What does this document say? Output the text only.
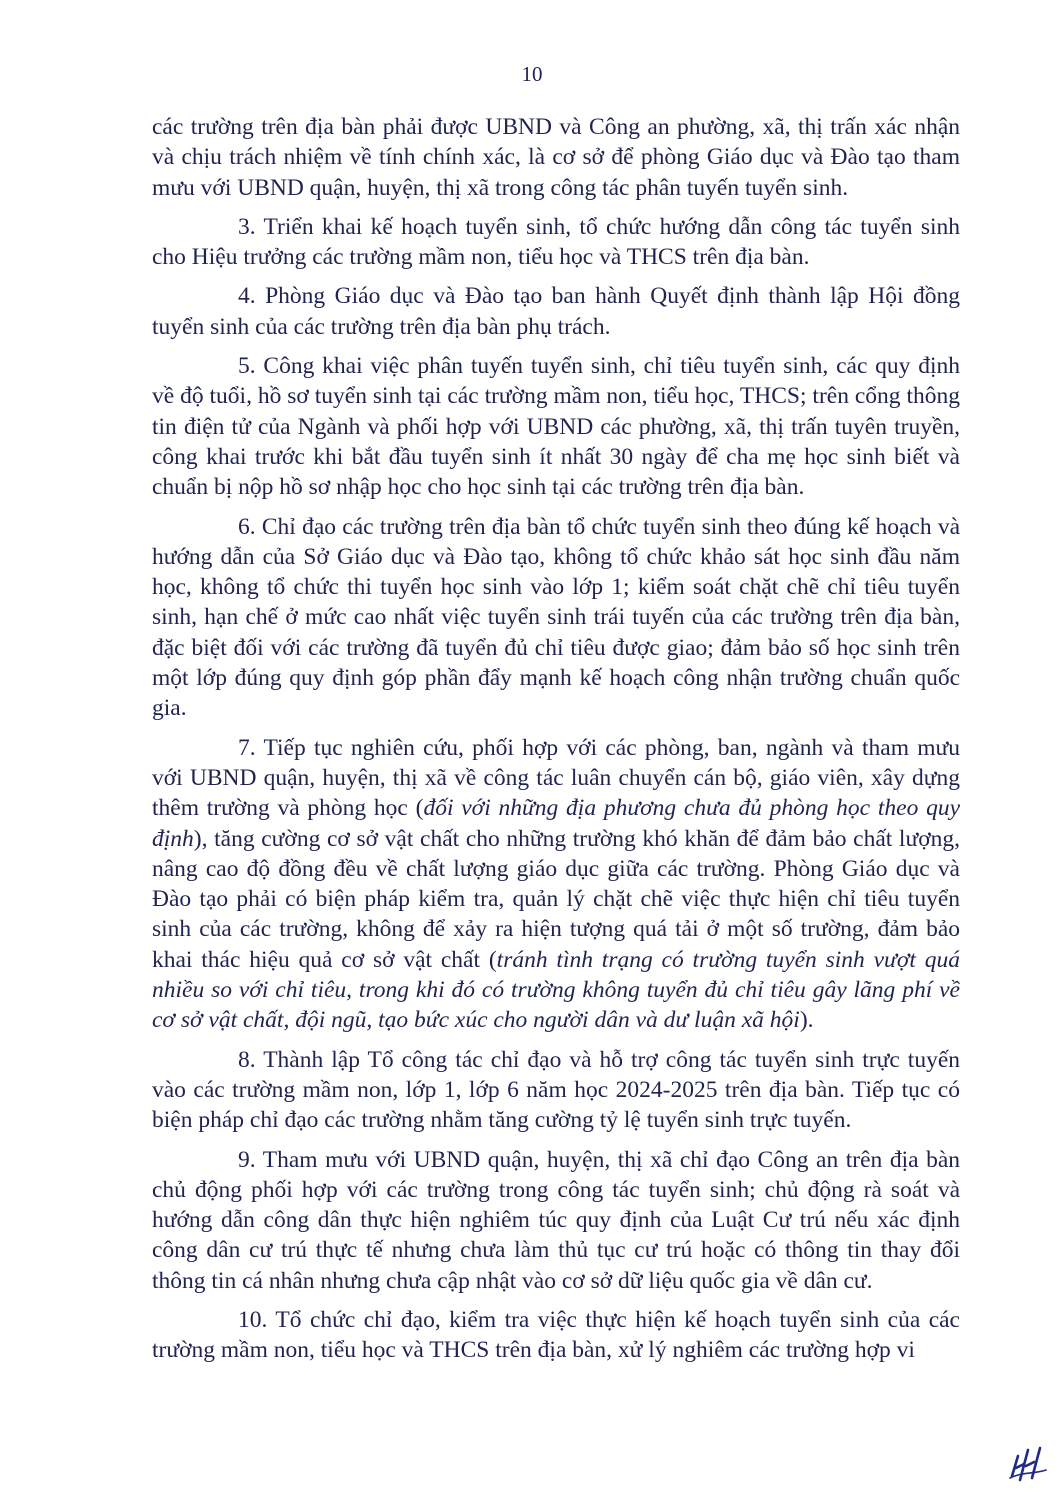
10

các trường trên địa bàn phải được UBND và Công an phường, xã, thị trấn xác nhận và chịu trách nhiệm về tính chính xác, là cơ sở để phòng Giáo dục và Đào tạo tham mưu với UBND quận, huyện, thị xã trong công tác phân tuyến tuyển sinh.

3. Triển khai kế hoạch tuyển sinh, tổ chức hướng dẫn công tác tuyển sinh cho Hiệu trưởng các trường mầm non, tiểu học và THCS trên địa bàn.

4. Phòng Giáo dục và Đào tạo ban hành Quyết định thành lập Hội đồng tuyển sinh của các trường trên địa bàn phụ trách.

5. Công khai việc phân tuyến tuyển sinh, chỉ tiêu tuyển sinh, các quy định về độ tuổi, hồ sơ tuyển sinh tại các trường mầm non, tiểu học, THCS; trên cổng thông tin điện tử của Ngành và phối hợp với UBND các phường, xã, thị trấn tuyên truyền, công khai trước khi bắt đầu tuyển sinh ít nhất 30 ngày để cha mẹ học sinh biết và chuẩn bị nộp hồ sơ nhập học cho học sinh tại các trường trên địa bàn.

6. Chỉ đạo các trường trên địa bàn tổ chức tuyển sinh theo đúng kế hoạch và hướng dẫn của Sở Giáo dục và Đào tạo, không tổ chức khảo sát học sinh đầu năm học, không tổ chức thi tuyển học sinh vào lớp 1; kiểm soát chặt chẽ chỉ tiêu tuyển sinh, hạn chế ở mức cao nhất việc tuyển sinh trái tuyến của các trường trên địa bàn, đặc biệt đối với các trường đã tuyển đủ chỉ tiêu được giao; đảm bảo số học sinh trên một lớp đúng quy định góp phần đẩy mạnh kế hoạch công nhận trường chuẩn quốc gia.

7. Tiếp tục nghiên cứu, phối hợp với các phòng, ban, ngành và tham mưu với UBND quận, huyện, thị xã về công tác luân chuyển cán bộ, giáo viên, xây dựng thêm trường và phòng học (đối với những địa phương chưa đủ phòng học theo quy định), tăng cường cơ sở vật chất cho những trường khó khăn để đảm bảo chất lượng, nâng cao độ đồng đều về chất lượng giáo dục giữa các trường. Phòng Giáo dục và Đào tạo phải có biện pháp kiểm tra, quản lý chặt chẽ việc thực hiện chỉ tiêu tuyển sinh của các trường, không để xảy ra hiện tượng quá tải ở một số trường, đảm bảo khai thác hiệu quả cơ sở vật chất (tránh tình trạng có trường tuyển sinh vượt quá nhiều so với chỉ tiêu, trong khi đó có trường không tuyển đủ chỉ tiêu gây lãng phí về cơ sở vật chất, đội ngũ, tạo bức xúc cho người dân và dư luận xã hội).

8. Thành lập Tổ công tác chỉ đạo và hỗ trợ công tác tuyển sinh trực tuyến vào các trường mầm non, lớp 1, lớp 6 năm học 2024-2025 trên địa bàn. Tiếp tục có biện pháp chỉ đạo các trường nhằm tăng cường tỷ lệ tuyển sinh trực tuyến.

9. Tham mưu với UBND quận, huyện, thị xã chỉ đạo Công an trên địa bàn chủ động phối hợp với các trường trong công tác tuyển sinh; chủ động rà soát và hướng dẫn công dân thực hiện nghiêm túc quy định của Luật Cư trú nếu xác định công dân cư trú thực tế nhưng chưa làm thủ tục cư trú hoặc có thông tin thay đổi thông tin cá nhân nhưng chưa cập nhật vào cơ sở dữ liệu quốc gia về dân cư.

10. Tổ chức chỉ đạo, kiểm tra việc thực hiện kế hoạch tuyển sinh của các trường mầm non, tiểu học và THCS trên địa bàn, xử lý nghiêm các trường hợp vi
